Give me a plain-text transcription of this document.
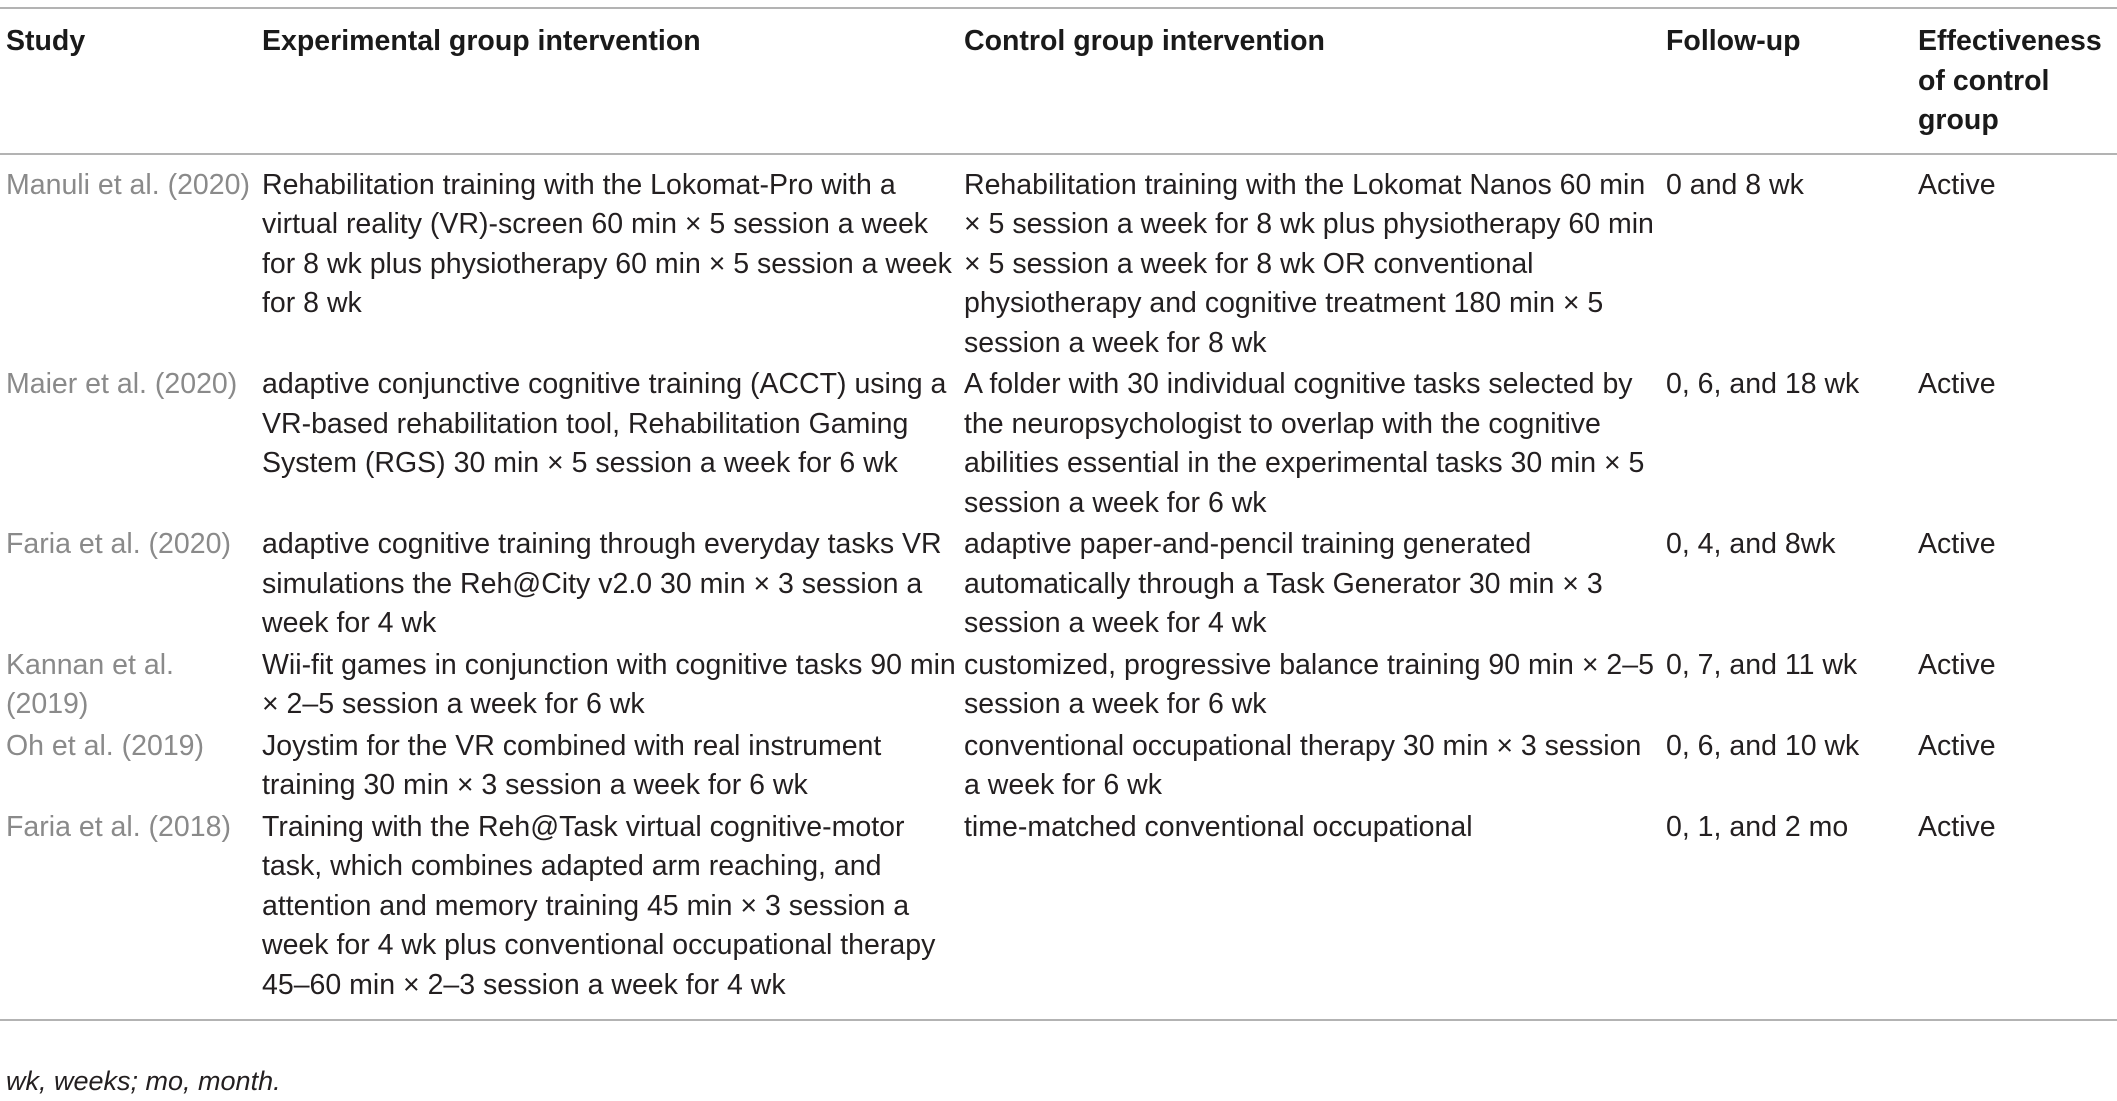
Study	Experimental group intervention	Control group intervention	Follow-up	Effectiveness of control group
Manuli et al. (2020)	Rehabilitation training with the Lokomat-Pro with a virtual reality (VR)-screen 60 min × 5 session a week for 8 wk plus physiotherapy 60 min × 5 session a week for 8 wk	Rehabilitation training with the Lokomat Nanos 60 min × 5 session a week for 8 wk plus physiotherapy 60 min × 5 session a week for 8 wk OR conventional physiotherapy and cognitive treatment 180 min × 5 session a week for 8 wk	0 and 8 wk	Active
Maier et al. (2020)	adaptive conjunctive cognitive training (ACCT) using a VR-based rehabilitation tool, Rehabilitation Gaming System (RGS) 30 min × 5 session a week for 6 wk	A folder with 30 individual cognitive tasks selected by the neuropsychologist to overlap with the cognitive abilities essential in the experimental tasks 30 min × 5 session a week for 6 wk	0, 6, and 18 wk	Active
Faria et al. (2020)	adaptive cognitive training through everyday tasks VR simulations the Reh@City v2.0 30 min × 3 session a week for 4 wk	adaptive paper-and-pencil training generated automatically through a Task Generator 30 min × 3 session a week for 4 wk	0, 4, and 8wk	Active
Kannan et al. (2019)	Wii-fit games in conjunction with cognitive tasks 90 min × 2–5 session a week for 6 wk	customized, progressive balance training 90 min × 2–5 session a week for 6 wk	0, 7, and 11 wk	Active
Oh et al. (2019)	Joystim for the VR combined with real instrument training 30 min × 3 session a week for 6 wk	conventional occupational therapy 30 min × 3 session a week for 6 wk	0, 6, and 10 wk	Active
Faria et al. (2018)	Training with the Reh@Task virtual cognitive-motor task, which combines adapted arm reaching, and attention and memory training 45 min × 3 session a week for 4 wk plus conventional occupational therapy 45–60 min × 2–3 session a week for 4 wk	time-matched conventional occupational	0, 1, and 2 mo	Active
wk, weeks; mo, month.
